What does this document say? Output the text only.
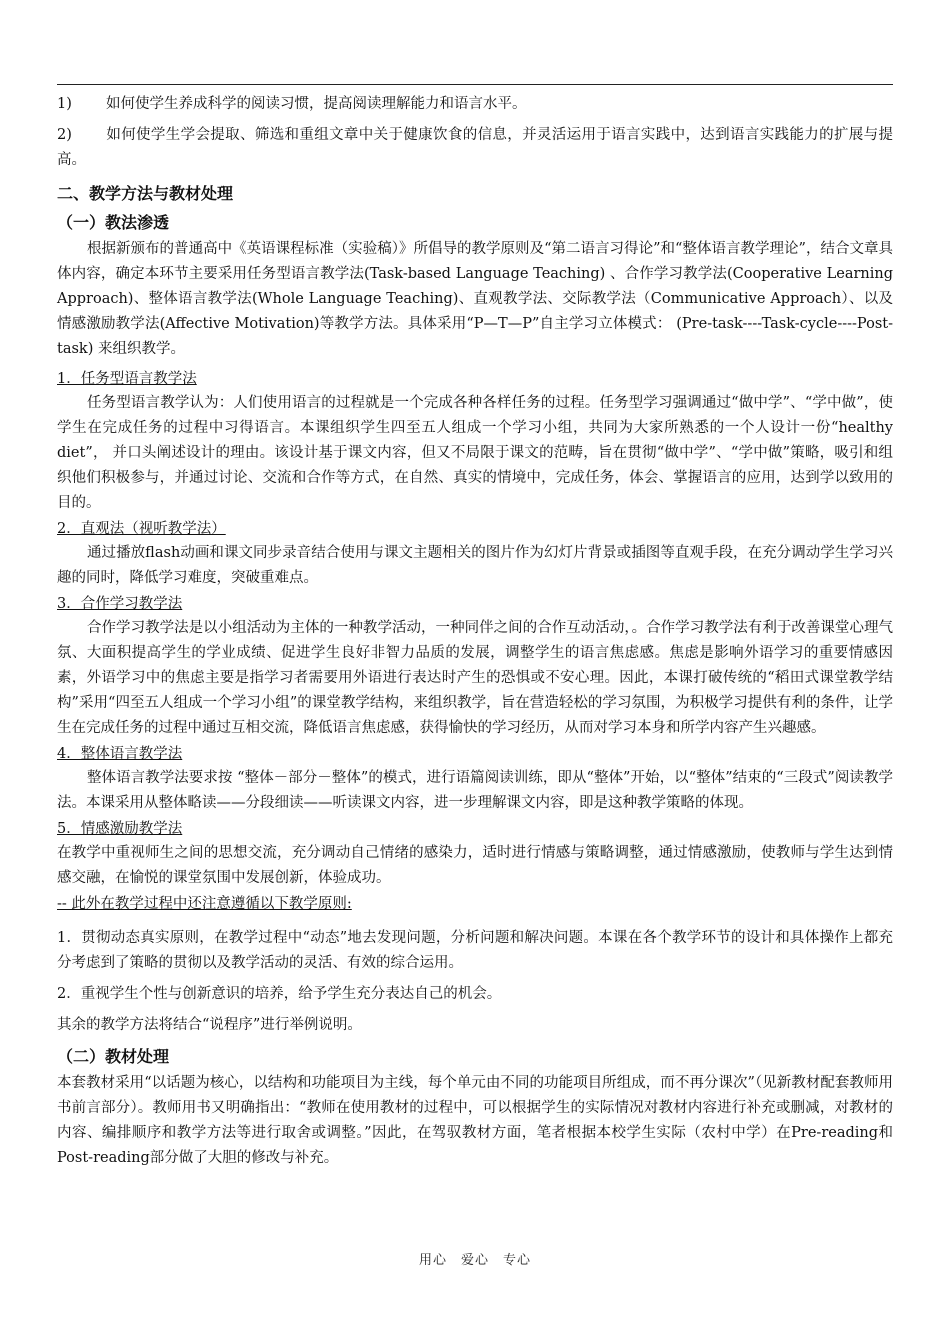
1) 如何使学生养成科学的阅读习惯，提高阅读理解能力和语言水平。

2) 如何使学生学会提取、筛选和重组文章中关于健康饮食的信息，并灵活运用于语言实践中，达到语言实践能力的扩展与提高。

二、教学方法与教材处理
（一）教法渗透

根据新颁布的普通高中《英语课程标准（实验稿）》所倡导的教学原则及“第二语言习得论”和“整体语言教学理论”，结合文章具体内容，确定本环节主要采用任务型语言教学法(Task-based Language Teaching) 、合作学习教学法(Cooperative Learning Approach)、整体语言教学法(Whole Language Teaching)、直观教学法、交际教学法（Communicative Approach）、以及情感激励教学法(Affective Motivation)等教学方法。具体采用“P—T—P”自主学习立体模式： (Pre-task----Task-cycle----Post-task) 来组织教学。

1．任务型语言教学法

任务型语言教学认为：人们使用语言的过程就是一个完成各种各样任务的过程。任务型学习强调通过“做中学”、“学中做”，使学生在完成任务的过程中习得语言。本课组织学生四至五人组成一个学习小组，共同为大家所熟悉的一个人设计一份“healthy diet”， 并口头阐述设计的理由。该设计基于课文内容，但又不局限于课文的范畴，旨在贯彻“做中学”、“学中做”策略，吸引和组织他们积极参与，并通过讨论、交流和合作等方式，在自然、真实的情境中，完成任务，体会、掌握语言的应用，达到学以致用的目的。

2．直观法（视听教学法）

通过播放flash动画和课文同步录音结合使用与课文主题相关的图片作为幻灯片背景或插图等直观手段，在充分调动学生学习兴趣的同时，降低学习难度，突破重难点。

3．合作学习教学法

合作学习教学法是以小组活动为主体的一种教学活动，一种同伴之间的合作互动活动，。合作学习教学法有利于改善课堂心理气氛、大面积提高学生的学业成绩、促进学生良好非智力品质的发展，调整学生的语言焦虑感。焦虑是影响外语学习的重要情感因素，外语学习中的焦虑主要是指学习者需要用外语进行表达时产生的恐惧或不安心理。因此，本课打破传统的“稻田式课堂教学结构”采用“四至五人组成一个学习小组”的课堂教学结构，来组织教学，旨在营造轻松的学习氛围，为积极学习提供有利的条件，让学生在完成任务的过程中通过互相交流，降低语言焦虑感，获得愉快的学习经历，从而对学习本身和所学内容产生兴趣感。

4．整体语言教学法

整体语言教学法要求按 “整体－部分－整体”的模式，进行语篇阅读训练，即从“整体”开始，以“整体”结束的“三段式”阅读教学法。本课采用从整体略读——分段细读——听读课文内容，进一步理解课文内容，即是这种教学策略的体现。

5．情感激励教学法

在教学中重视师生之间的思想交流，充分调动自己情绪的感染力，适时进行情感与策略调整，通过情感激励，使教师与学生达到情感交融，在愉悦的课堂氛围中发展创新，体验成功。

-- 此外在教学过程中还注意遵循以下教学原则:

1．贯彻动态真实原则，在教学过程中“动态”地去发现问题，分析问题和解决问题。本课在各个教学环节的设计和具体操作上都充分考虑到了策略的贯彻以及教学活动的灵活、有效的综合运用。

2．重视学生个性与创新意识的培养，给予学生充分表达自己的机会。

其余的教学方法将结合“说程序”进行举例说明。

（二）教材处理

本套教材采用“以话题为核心，以结构和功能项目为主线，每个单元由不同的功能项目所组成，而不再分课次”（见新教材配套教师用书前言部分）。教师用书又明确指出：“教师在使用教材的过程中，可以根据学生的实际情况对教材内容进行补充或删减，对教材的内容、编排顺序和教学方法等进行取舍或调整。”因此，在驾驭教材方面，笔者根据本校学生实际（农村中学）在Pre-reading和Post-reading部分做了大胆的修改与补充。

用心　爱心　专心
